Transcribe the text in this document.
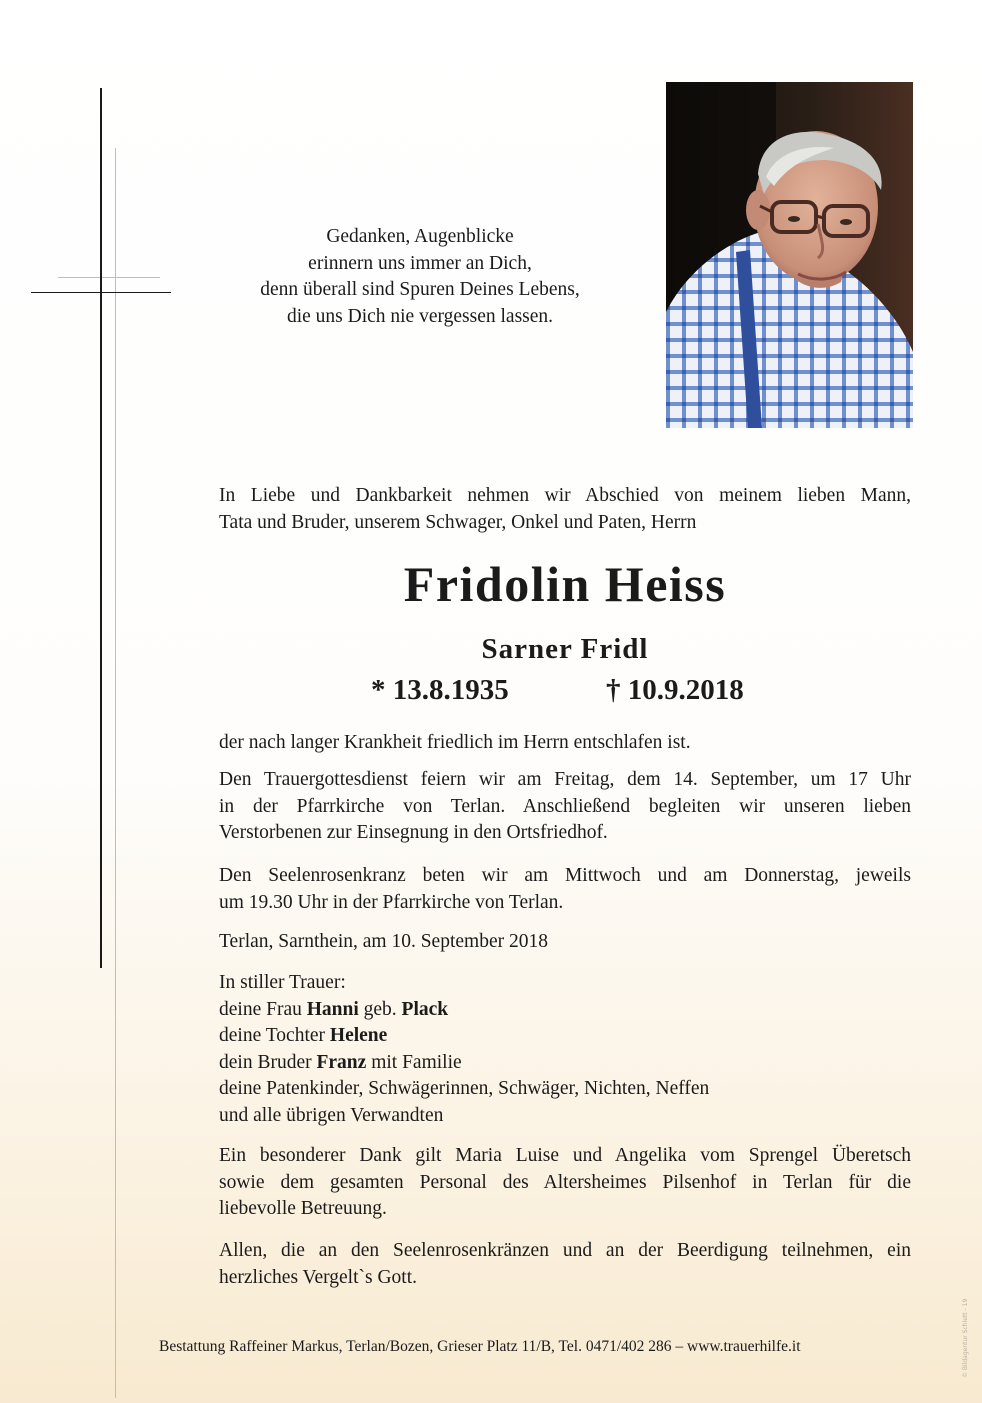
Gedanken, Augenblicke
erinnern uns immer an Dich,
denn überall sind Spuren Deines Lebens,
die uns Dich nie vergessen lassen.

In Liebe und Dankbarkeit nehmen wir Abschied von meinem lieben Mann,
Tata und Bruder, unserem Schwager, Onkel und Paten, Herrn

Fridolin Heiss
Sarner Fridl

* 13.8.1935	† 10.9.2018

der nach langer Krankheit friedlich im Herrn entschlafen ist.

Den Trauergottesdienst feiern wir am Freitag, dem 14. September, um 17 Uhr
in der Pfarrkirche von Terlan. Anschließend begleiten wir unseren lieben
Verstorbenen zur Einsegnung in den Ortsfriedhof.

Den Seelenrosenkranz beten wir am Mittwoch und am Donnerstag, jeweils
um 19.30 Uhr in der Pfarrkirche von Terlan.

Terlan, Sarnthein, am 10. September 2018

In stiller Trauer:
deine Frau Hanni geb. Plack
deine Tochter Helene
dein Bruder Franz mit Familie
deine Patenkinder, Schwägerinnen, Schwäger, Nichten, Neffen
und alle übrigen Verwandten

Ein besonderer Dank gilt Maria Luise und Angelika vom Sprengel Überetsch
sowie dem gesamten Personal des Altersheimes Pilsenhof in Terlan für die
liebevolle Betreuung.

Allen, die an den Seelenrosenkränzen und an der Beerdigung teilnehmen, ein
herzliches Vergelt`s Gott.

Bestattung Raffeiner Markus, Terlan/Bozen, Grieser Platz 11/B, Tel. 0471/402 286 – www.trauerhilfe.it	© Bildagentur Schlett - 19
